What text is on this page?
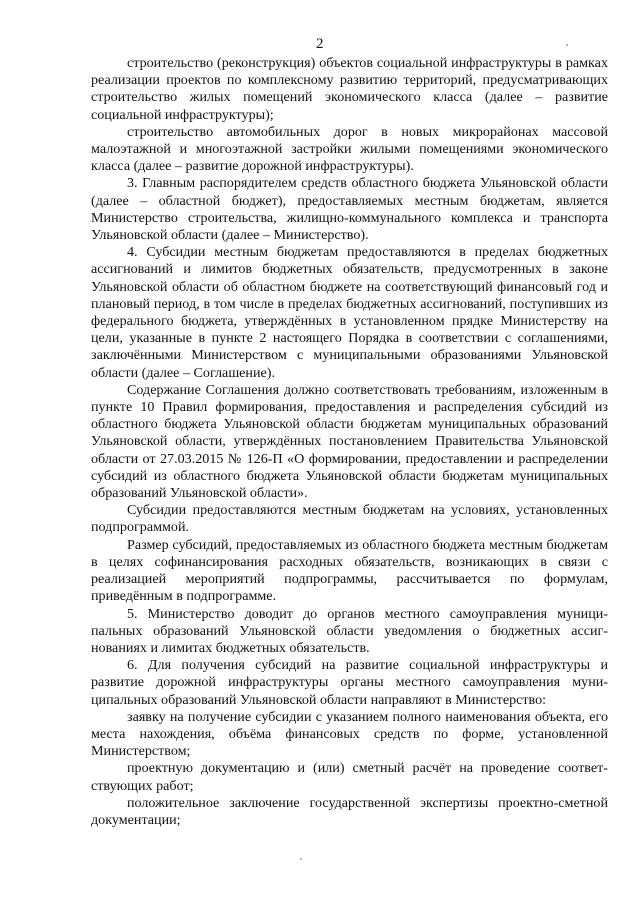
2

строительство (реконструкция) объектов социальной инфраструктуры в рамках реализации проектов по комплексному развитию территорий, предусматривающих строительство жилых помещений экономического класса (далее – развитие социальной инфраструктуры);

строительство автомобильных дорог в новых микрорайонах массовой малоэтажной и многоэтажной застройки жилыми помещениями экономического класса (далее – развитие дорожной инфраструктуры).

3. Главным распорядителем средств областного бюджета Ульяновской области (далее – областной бюджет), предоставляемых местным бюджетам, является Министерство строительства, жилищно-коммунального комплекса и транспорта Ульяновской области (далее – Министерство).

4. Субсидии местным бюджетам предоставляются в пределах бюджетных ассигнований и лимитов бюджетных обязательств, предусмотренных в законе Ульяновской области об областном бюджете на соответствующий финансовый год и плановый период, в том числе в пределах бюджетных ассигнований, поступивших из федерального бюджета, утверждённых в установленном прядке Министерству на цели, указанные в пункте 2 настоящего Порядка в соответствии с соглашениями, заключёнными Министерством с муниципальными образованиями Ульяновской области (далее – Соглашение).

Содержание Соглашения должно соответствовать требованиям, изложенным в пункте 10 Правил формирования, предоставления и распределения субсидий из областного бюджета Ульяновской области бюджетам муниципальных образований Ульяновской области, утверждённых постановлением Правительства Ульяновской области от 27.03.2015 № 126-П «О формировании, предоставлении и распределении субсидий из областного бюджета Ульяновской области бюджетам муниципальных образований Ульяновской области».

Субсидии предоставляются местным бюджетам на условиях, установленных подпрограммой.

Размер субсидий, предоставляемых из областного бюджета местным бюджетам в целях софинансирования расходных обязательств, возникающих в связи с реализацией мероприятий подпрограммы, рассчитывается по формулам, приведённым в подпрограмме.

5. Министерство доводит до органов местного самоуправления муниципальных образований Ульяновской области уведомления о бюджетных ассигнованиях и лимитах бюджетных обязательств.

6. Для получения субсидий на развитие социальной инфраструктуры и развитие дорожной инфраструктуры органы местного самоуправления муниципальных образований Ульяновской области направляют в Министерство:

заявку на получение субсидии с указанием полного наименования объекта, его места нахождения, объёма финансовых средств по форме, установленной Министерством;

проектную документацию и (или) сметный расчёт на проведение соответствующих работ;

положительное заключение государственной экспертизы проектно-сметной документации;
